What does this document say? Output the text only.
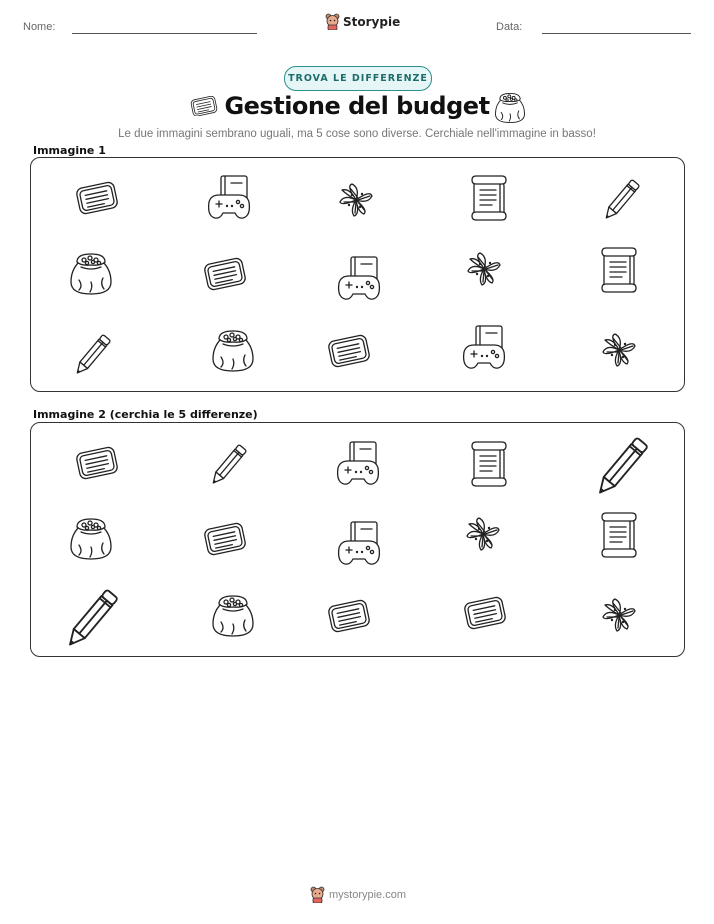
Nome:	Storypie	Data:
TROVA LE DIFFERENZE
Gestione del budget
Le due immagini sembrano uguali, ma 5 cose sono diverse. Cerchiale nell'immagine in basso!
Immagine 1
Immagine 2 (cerchia le 5 differenze)
mystorypie.com
